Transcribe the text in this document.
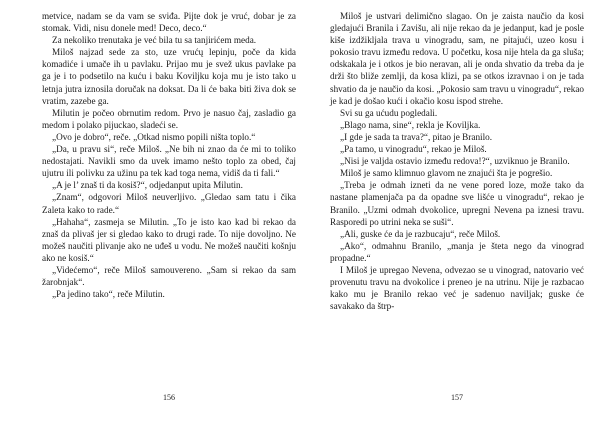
metvice, nadam se da vam se sviđa. Pijte dok je vruć, dobar je za stomak. Vidi, nisu donele med! Deco, deco.“

Za nekoliko trenutaka je već bila tu sa tanjirićem meda.

Miloš najzad sede za sto, uze vrućų lepinju, poče da kida komadiće i umače ih u pavlaku. Prijao mu je svež ukus pavlake pa ga je i to podsetilo na kuću i baku Koviljku koja mu je isto tako u letnja jutra iznosila doručak na doksat. Da li će baka biti živa dok se vratim, zazebe ga.

Milutin je počeo obrnutim redom. Prvo je nasuo čaj, zasladio ga medom i polako pijuckao, sladeći se.

„Ovo je dobro“, reče. „Otkad nismo popili ništa toplo.“

„Da, u pravu si“, reče Miloš. „Ne bih ni znao da će mi to toliko nedostajati. Navikli smo da uvek imamo nešto toplo za obed, čaj ujutru ili polivku za užinu pa tek kad toga nema, vidiš da ti fali.“

„A je l’ znaš ti da kosiš?“, odjedanput upita Milutin.

„Znam“, odgovori Miloš neuverljivo. „Gledao sam tatu i čika Zaleta kako to rade.“

„Hahaha“, zasmeja se Milutin. „To je isto kao kad bi rekao da znaš da plivaš jer si gledao kako to drugi rade. To nije dovoljno. Ne možeš naučiti plivanje ako ne uđeš u vodu. Ne možeš naučiti košnju ako ne kosiš.“

„Videćemo“, reče Miloš samouvereno. „Sam si rekao da sam žarobnjak“.

„Pa jedino tako“, reče Milutin.

156

Miloš je ustvari delimično slagao. On je zaista naučio da kosi gledajući Branila i Zavišu, ali nije rekao da je jedanput, kad je posle kiše izdžikljala trava u vinogradu, sam, ne pitajući, uzeo kosu i pokosio travu između redova. U početku, kosa nije htela da ga sluša; odskakala je i otkos je bio neravan, ali je onda shvatio da treba da je drži što bliže zemlji, da kosa klizi, pa se otkos izravnao i on je tada shvatio da je naučio da kosi. „Pokosio sam travu u vinogradu“, rekao je kad je došao kući i okačio kosu ispod strehe.

Svi su ga ućudu pogledali.

„Blago nama, sine“, rekla je Koviljka.

„I gde je sada ta trava?“, pitao je Branilo.

„Pa tamo, u vinogradu“, rekao je Miloš.

„Nisi je valjda ostavio između redova!?“, uzviknuo je Branilo.

Miloš je samo klimnuo glavom ne znajući šta je pogrešio.

„Treba je odmah izneti da ne vene pored loze, može tako da nastane plamenjača pa da opadne sve lišće u vinogradu“, rekao je Branilo. „Uzmi odmah dvokolice, upregni Nevena pa iznesi travu. Rasporedi po utrini neka se suši“.

„Ali, guske će da je razbucaju“, reče Miloš.

„Ako“, odmahnu Branilo, „manja je šteta nego da vinograd propadne.“

I Miloš je upregao Nevena, odvezao se u vinograd, natovario već provenutu travu na dvokolice i preneo je na utrinu. Nije je razbacao kako mu je Branilo rekao već je sadenuo naviljak; guske će savakako da štrp-

157
